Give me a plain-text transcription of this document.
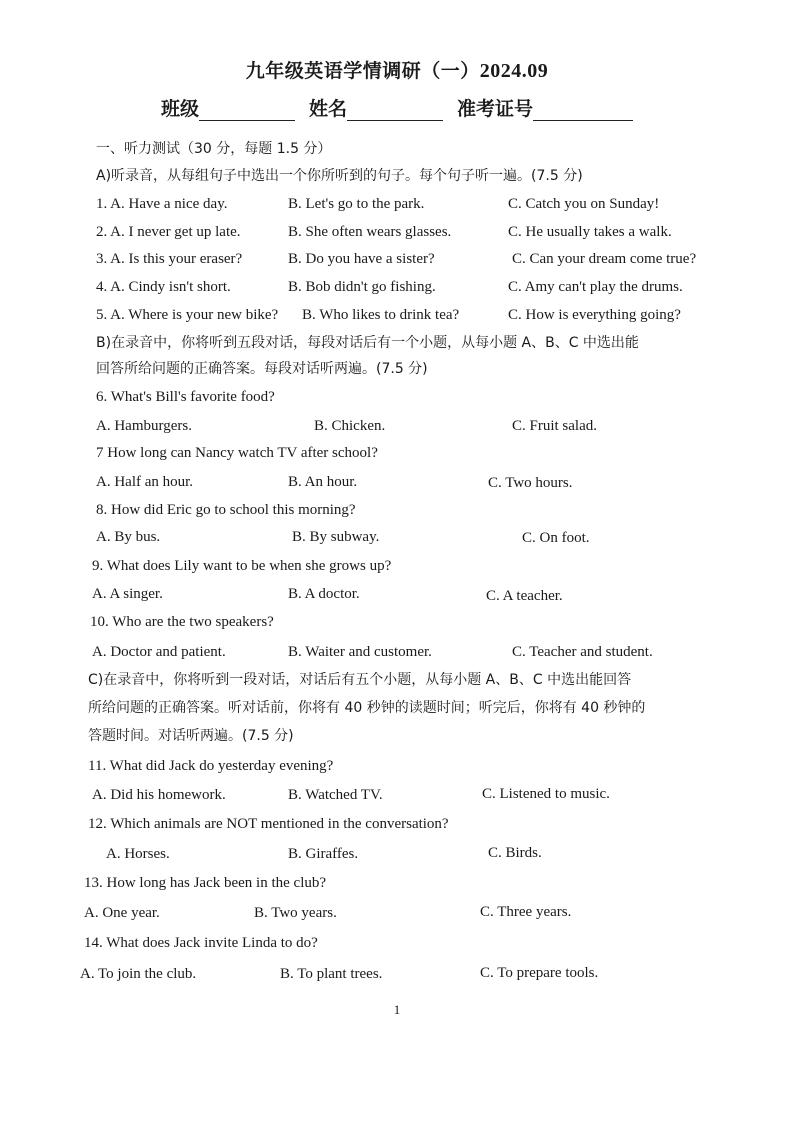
九年级英语学情调研（一）2024.09
班级	姓名	准考证号
一、听力测试（30 分，每题 1.5 分）
A)听录音，从每组句子中选出一个你所听到的句子。每个句子听一遍。(7.5 分)
1. A. Have a nice day.	B. Let's go to the park.	C. Catch you on Sunday!
2. A. I never get up late.	B. She often wears glasses.	C. He usually takes a walk.
3. A. Is this your eraser?	B. Do you have a sister?	C. Can your dream come true?
4. A. Cindy isn't short.	B. Bob didn't go fishing.	C. Amy can't play the drums.
5. A. Where is your new bike? B. Who likes to drink tea?	C. How is everything going?
B)在录音中，你将听到五段对话，每段对话后有一个小题，从每小题 A、B、C 中选出能
回答所给问题的正确答案。每段对话听两遍。(7.5 分)
6. What's Bill's favorite food?
A. Hamburgers.	B. Chicken.	C. Fruit salad.
7 How long can Nancy watch TV after school?
A. Half an hour.	B. An hour.	C. Two hours.
8. How did Eric go to school this morning?
A. By bus.	B. By subway.	C. On foot.
9. What does Lily want to be when she grows up?
A. A singer.	B. A doctor.	C. A teacher.
10. Who are the two speakers?
A. Doctor and patient.	B. Waiter and customer.	C. Teacher and student.
C)在录音中，你将听到一段对话，对话后有五个小题，从每小题 A、B、C 中选出能回答
所给问题的正确答案。听对话前，你将有 40 秒钟的读题时间；听完后，你将有 40 秒钟的
答题时间。对话听两遍。(7.5 分)
11. What did Jack do yesterday evening?
A. Did his homework.	B. Watched TV.	C. Listened to music.
12. Which animals are NOT mentioned in the conversation?
A. Horses.	B. Giraffes.	C. Birds.
13. How long has Jack been in the club?
A. One year.	B. Two years.	C. Three years.
14. What does Jack invite Linda to do?
A. To join the club.	B. To plant trees.	C. To prepare tools.
1
